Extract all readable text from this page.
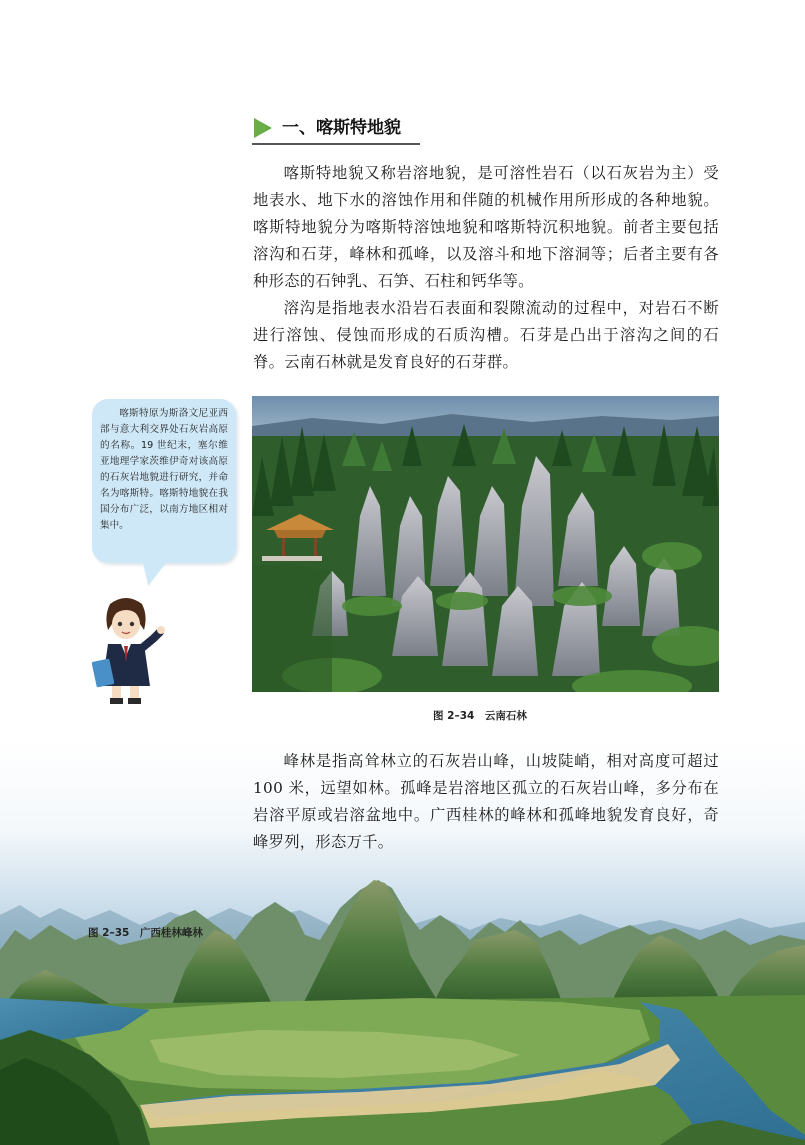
一、喀斯特地貌

喀斯特地貌又称岩溶地貌，是可溶性岩石（以石灰岩为主）受地表水、地下水的溶蚀作用和伴随的机械作用所形成的各种地貌。喀斯特地貌分为喀斯特溶蚀地貌和喀斯特沉积地貌。前者主要包括溶沟和石芽，峰林和孤峰，以及溶斗和地下溶洞等；后者主要有各种形态的石钟乳、石笋、石柱和钙华等。

溶沟是指地表水沿岩石表面和裂隙流动的过程中，对岩石不断进行溶蚀、侵蚀而形成的石质沟槽。石芽是凸出于溶沟之间的石脊。云南石林就是发育良好的石芽群。

喀斯特原为斯洛文尼亚西部与意大利交界处石灰岩高原的名称。19 世纪末，塞尔维亚地理学家茨维伊奇对该高原的石灰岩地貌进行研究，并命名为喀斯特。喀斯特地貌在我国分布广泛，以南方地区相对集中。

图 2–34　云南石林

峰林是指高耸林立的石灰岩山峰，山坡陡峭，相对高度可超过 100 米，远望如林。孤峰是岩溶地区孤立的石灰岩山峰，多分布在岩溶平原或岩溶盆地中。广西桂林的峰林和孤峰地貌发育良好，奇峰罗列，形态万千。

图 2–35　广西桂林峰林
